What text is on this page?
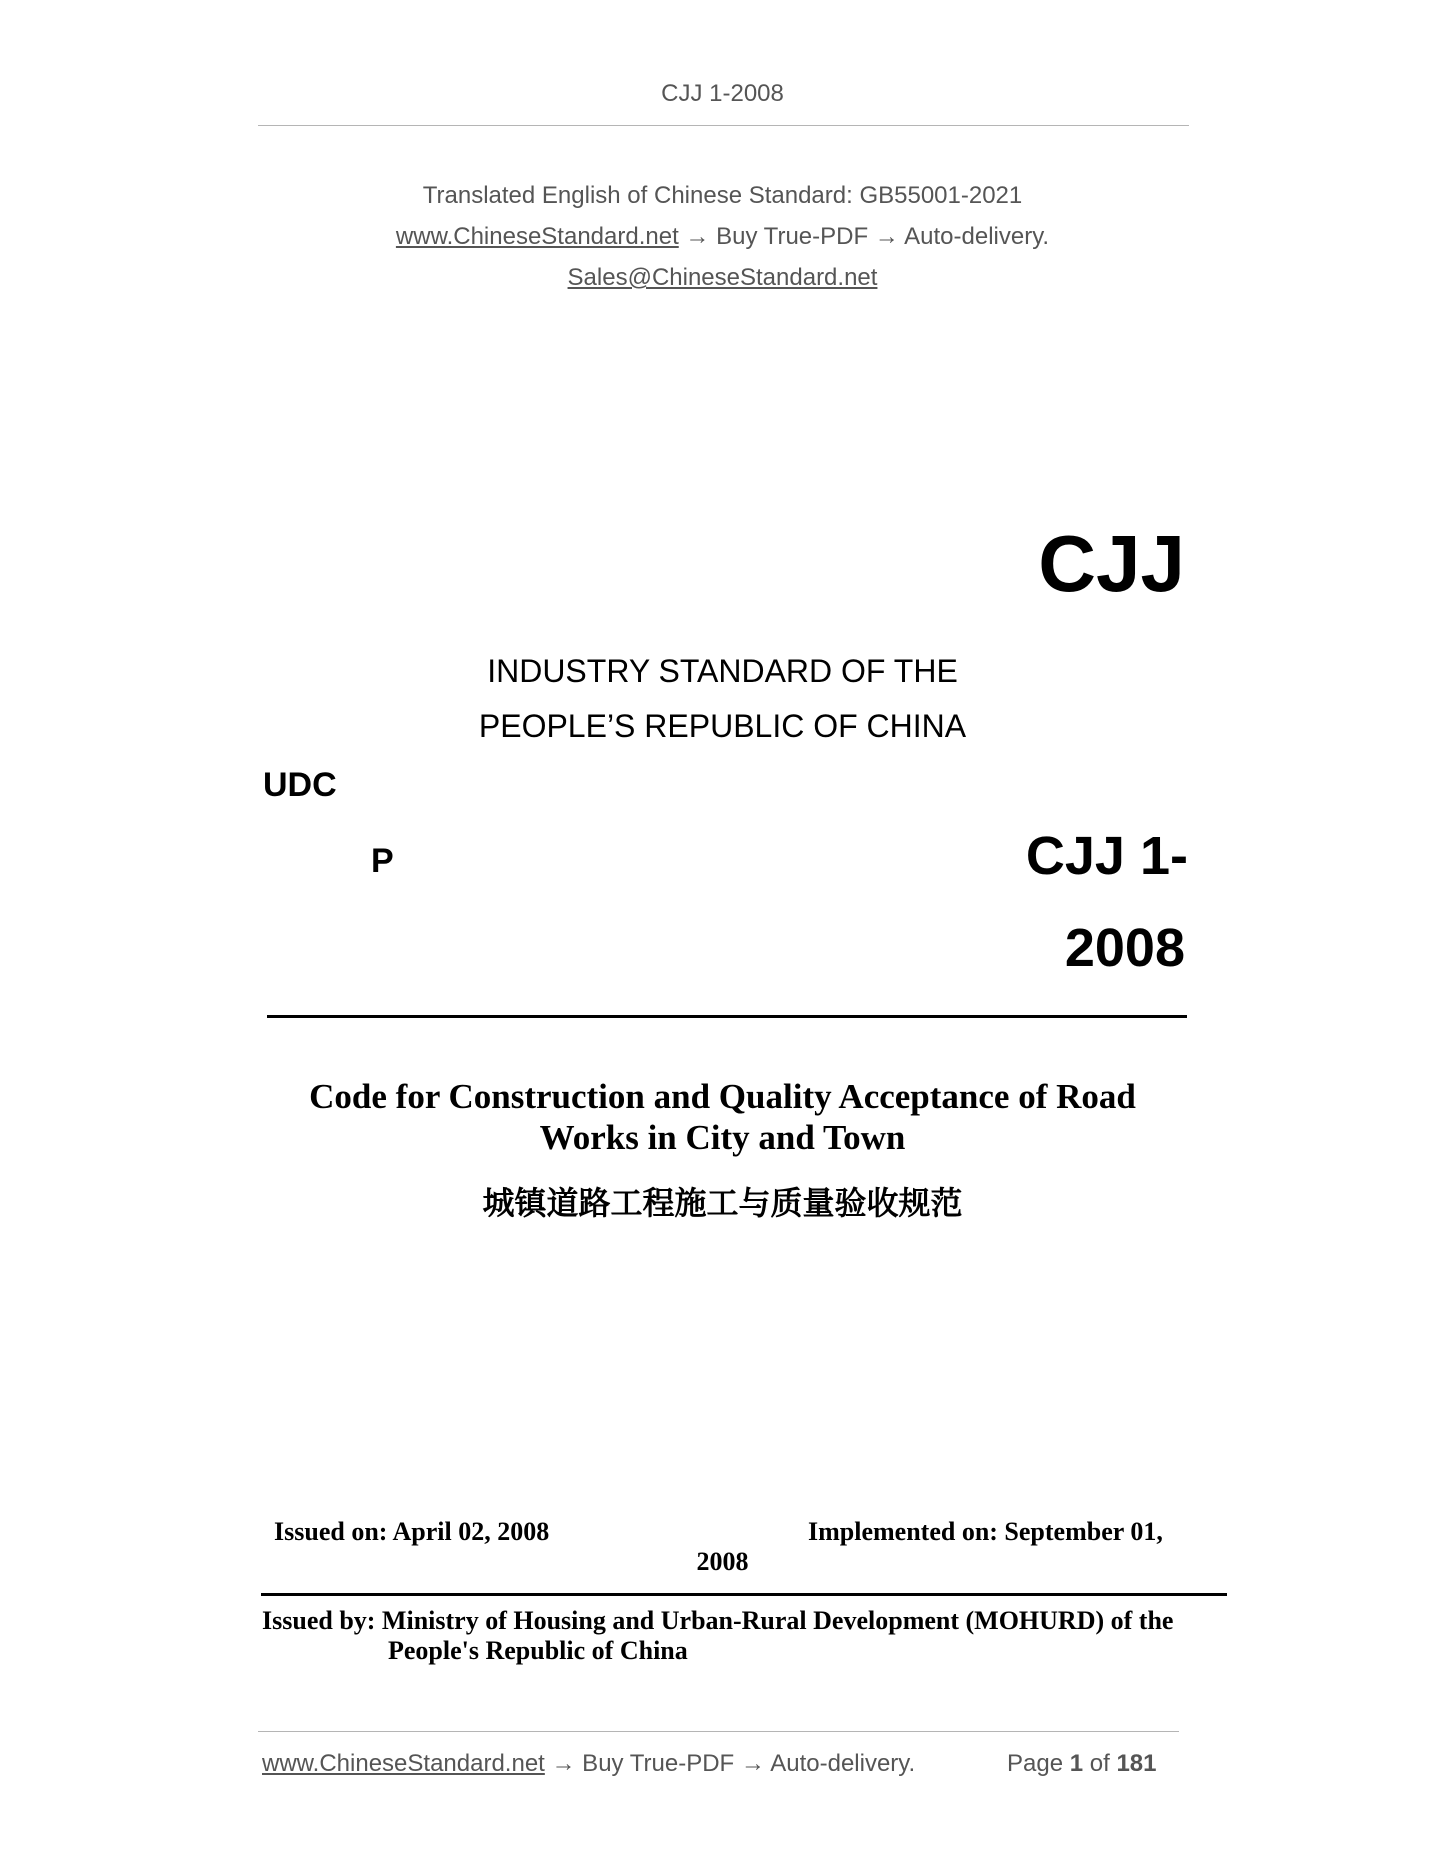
CJJ 1-2008
Translated English of Chinese Standard: GB55001-2021
www.ChineseStandard.net → Buy True-PDF → Auto-delivery.
Sales@ChineseStandard.net
CJJ
INDUSTRY STANDARD OF THE
PEOPLE’S REPUBLIC OF CHINA
UDC
P	CJJ 1-
2008
Code for Construction and Quality Acceptance of Road
Works in City and Town
城镇道路工程施工与质量验收规范
Issued on: April 02, 2008	Implemented on: September 01,
2008
Issued by: Ministry of Housing and Urban-Rural Development (MOHURD) of the
People's Republic of China
www.ChineseStandard.net → Buy True-PDF → Auto-delivery.	Page 1 of 181
